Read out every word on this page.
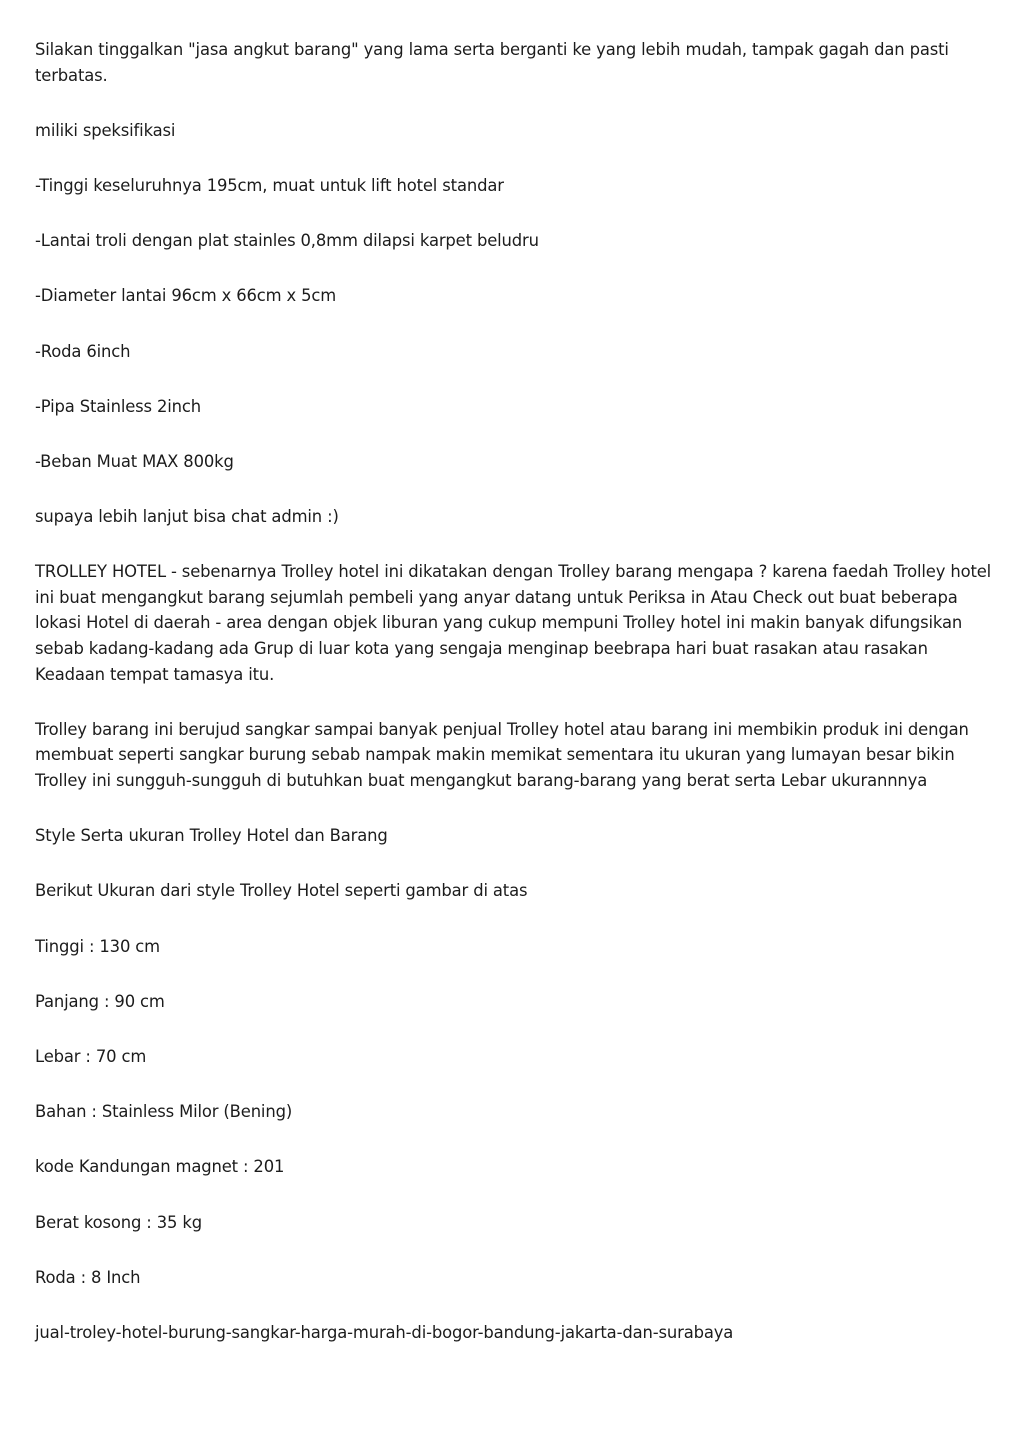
Silakan tinggalkan "jasa angkut barang" yang lama serta berganti ke yang lebih mudah, tampak gagah dan pasti terbatas.

miliki speksifikasi

-Tinggi keseluruhnya 195cm, muat untuk lift hotel standar

-Lantai troli dengan plat stainles 0,8mm dilapsi karpet beludru

-Diameter lantai 96cm x 66cm x 5cm

-Roda 6inch

-Pipa Stainless 2inch

-Beban Muat MAX 800kg

supaya lebih lanjut bisa chat admin :)

TROLLEY HOTEL - sebenarnya Trolley hotel ini dikatakan dengan Trolley barang mengapa ? karena faedah Trolley hotel ini buat mengangkut barang sejumlah pembeli yang anyar datang untuk Periksa in Atau Check out buat beberapa lokasi Hotel di daerah - area dengan objek liburan yang cukup mempuni Trolley hotel ini makin banyak difungsikan sebab kadang-kadang ada Grup di luar kota yang sengaja menginap beebrapa hari buat rasakan atau rasakan Keadaan tempat tamasya itu.

Trolley barang ini berujud sangkar sampai banyak penjual Trolley hotel atau barang ini membikin produk ini dengan membuat seperti sangkar burung sebab nampak makin memikat sementara itu ukuran yang lumayan besar bikin Trolley ini sungguh-sungguh di butuhkan buat mengangkut barang-barang yang berat serta Lebar ukurannnya

Style Serta ukuran Trolley Hotel dan Barang

Berikut Ukuran dari style Trolley Hotel seperti gambar di atas

Tinggi : 130 cm

Panjang : 90 cm

Lebar : 70 cm

Bahan : Stainless Milor (Bening)

kode Kandungan magnet : 201

Berat kosong : 35 kg

Roda : 8 Inch

jual-troley-hotel-burung-sangkar-harga-murah-di-bogor-bandung-jakarta-dan-surabaya
